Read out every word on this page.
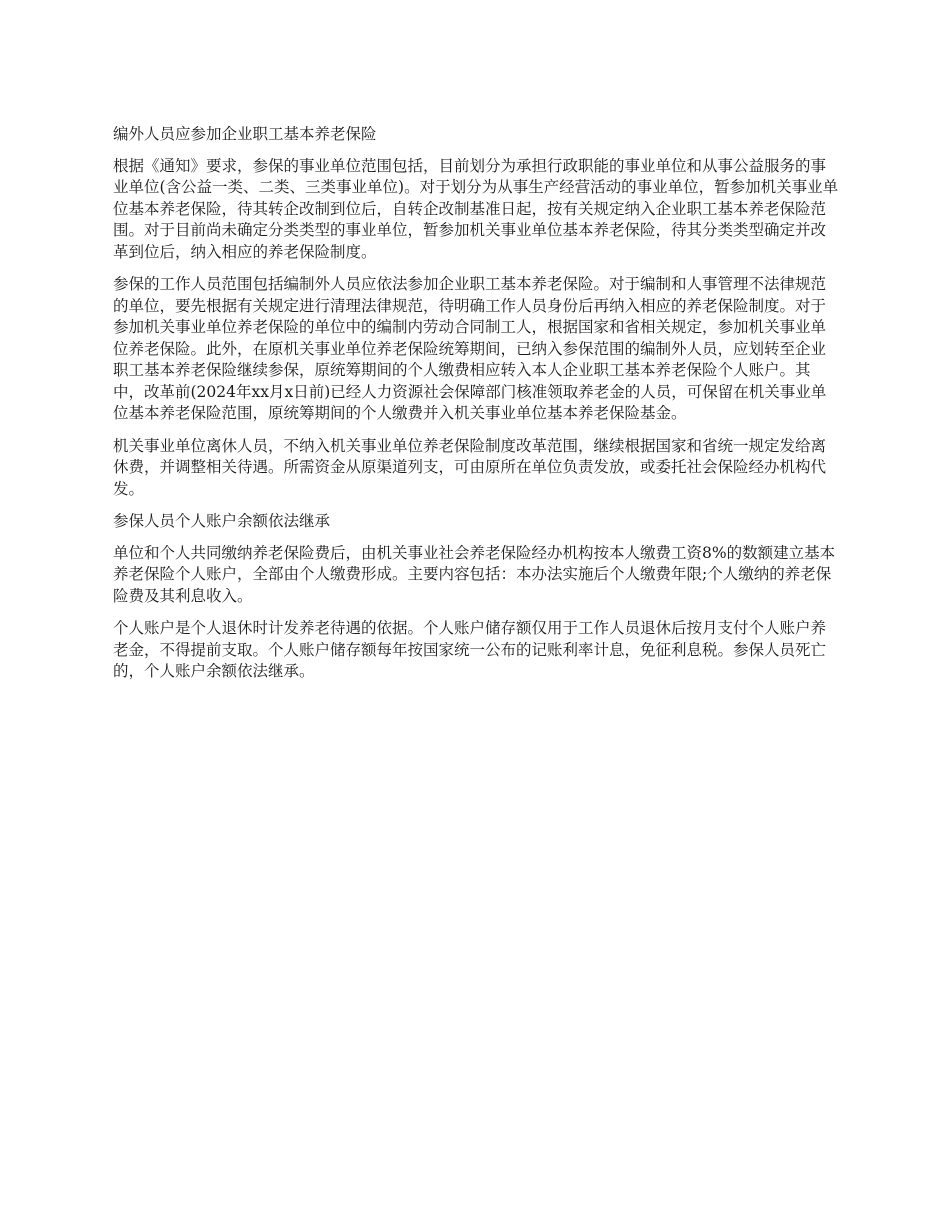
编外人员应参加企业职工基本养老保险

根据《通知》要求，参保的事业单位范围包括，目前划分为承担行政职能的事业单位和从事公益服务的事业单位(含公益一类、二类、三类事业单位)。对于划分为从事生产经营活动的事业单位，暂参加机关事业单位基本养老保险，待其转企改制到位后，自转企改制基准日起，按有关规定纳入企业职工基本养老保险范围。对于目前尚未确定分类类型的事业单位，暂参加机关事业单位基本养老保险，待其分类类型确定并改革到位后，纳入相应的养老保险制度。

参保的工作人员范围包括编制外人员应依法参加企业职工基本养老保险。对于编制和人事管理不法律规范的单位，要先根据有关规定进行清理法律规范，待明确工作人员身份后再纳入相应的养老保险制度。对于参加机关事业单位养老保险的单位中的编制内劳动合同制工人，根据国家和省相关规定，参加机关事业单位养老保险。此外，在原机关事业单位养老保险统筹期间，已纳入参保范围的编制外人员，应划转至企业职工基本养老保险继续参保，原统筹期间的个人缴费相应转入本人企业职工基本养老保险个人账户。其中，改革前(2024年xx月x日前)已经人力资源社会保障部门核准领取养老金的人员，可保留在机关事业单位基本养老保险范围，原统筹期间的个人缴费并入机关事业单位基本养老保险基金。

机关事业单位离休人员，不纳入机关事业单位养老保险制度改革范围，继续根据国家和省统一规定发给离休费，并调整相关待遇。所需资金从原渠道列支，可由原所在单位负责发放，或委托社会保险经办机构代发。

参保人员个人账户余额依法继承

单位和个人共同缴纳养老保险费后，由机关事业社会养老保险经办机构按本人缴费工资8%的数额建立基本养老保险个人账户，全部由个人缴费形成。主要内容包括：本办法实施后个人缴费年限;个人缴纳的养老保险费及其利息收入。

个人账户是个人退休时计发养老待遇的依据。个人账户储存额仅用于工作人员退休后按月支付个人账户养老金，不得提前支取。个人账户储存额每年按国家统一公布的记账利率计息，免征利息税。参保人员死亡的，个人账户余额依法继承。
